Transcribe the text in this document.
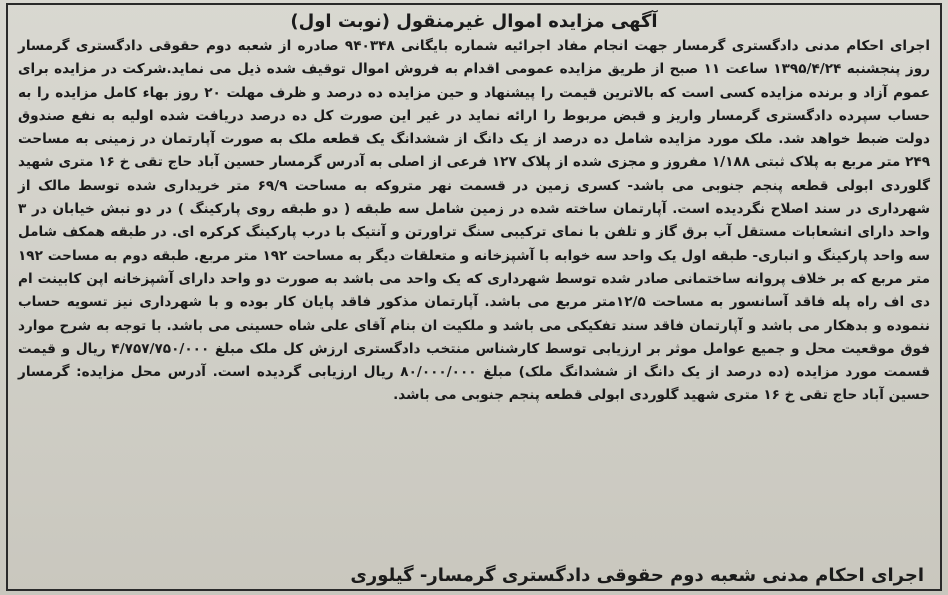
آگهی مزایده اموال غیرمنقول (نوبت اول)

اجرای احکام مدنی دادگستری گرمسار جهت انجام مفاد اجرائیه شماره بایگانی ۹۴۰۳۴۸ صادره از شعبه دوم حقوقی دادگستری گرمسار روز پنجشنبه ۱۳۹۵/۴/۲۴ ساعت ۱۱ صبح از طریق مزایده عمومی اقدام به فروش اموال توقیف شده ذیل می نماید.شرکت در مزایده برای عموم آزاد و برنده مزایده کسی است که بالاترین قیمت را پیشنهاد و حین مزایده ده درصد و ظرف مهلت ۲۰ روز بهاء کامل مزایده را به حساب سپرده دادگستری گرمسار واریز و قبض مربوط را ارائه نماید در غیر این صورت کل ده درصد دریافت شده اولیه به نفع صندوق دولت ضبط خواهد شد. ملک مورد مزایده شامل ده درصد از یک دانگ از ششدانگ یک قطعه ملک به صورت آپارتمان در زمینی به مساحت ۲۴۹ متر مربع به پلاک ثبتی ۱/۱۸۸ مفروز و مجزی شده از پلاک ۱۲۷ فرعی از اصلی به آدرس گرمسار حسین آباد حاج تقی خ ۱۶ متری شهید گلوردی ابولی قطعه پنجم جنوبی می باشد- کسری زمین در قسمت نهر متروکه به مساحت ۶۹/۹ متر خریداری شده توسط مالک از شهرداری در سند اصلاح نگردیده است. آپارتمان ساخته شده در زمین شامل سه طبقه ( دو طبقه روی پارکینگ ) در دو نبش خیابان در ۳ واحد دارای انشعابات مستقل آب برق گاز و تلفن با نمای ترکیبی سنگ تراورتن و آنتیک با درب پارکینگ کرکره ای. در طبقه همکف شامل سه واحد پارکینگ و انباری- طبقه اول یک واحد سه خوابه با آشپزخانه و متعلقات دیگر به مساحت ۱۹۲ متر مربع. طبقه دوم به مساحت ۱۹۲ متر مربع که بر خلاف پروانه ساختمانی صادر شده توسط شهرداری که یک واحد می باشد به صورت دو واحد دارای آشپزخانه اپن کابینت ام دی اف راه پله فاقد آسانسور به مساحت ۱۲/۵متر مربع می باشد. آپارتمان مذکور فاقد پایان کار بوده و با شهرداری نیز تسویه حساب ننموده و بدهکار می باشد و آپارتمان فاقد سند تفکیکی می باشد و ملکیت ان بنام آقای علی شاه حسینی می باشد. با توجه به شرح موارد فوق موقعیت محل و جمیع عوامل موثر بر ارزیابی توسط کارشناس منتخب دادگستری ارزش کل ملک مبلغ ۴/۷۵۷/۷۵۰/۰۰۰ ریال و قیمت قسمت مورد مزایده (ده درصد از یک دانگ از ششدانگ ملک) مبلغ ۸۰/۰۰۰/۰۰۰ ریال ارزیابی گردیده است. آدرس محل مزایده: گرمسار حسین آباد حاج تقی خ ۱۶ متری شهید گلوردی ابولی قطعه پنجم جنوبی می باشد.

اجرای احکام مدنی شعبه دوم حقوقی دادگستری گرمسار- گیلوری
